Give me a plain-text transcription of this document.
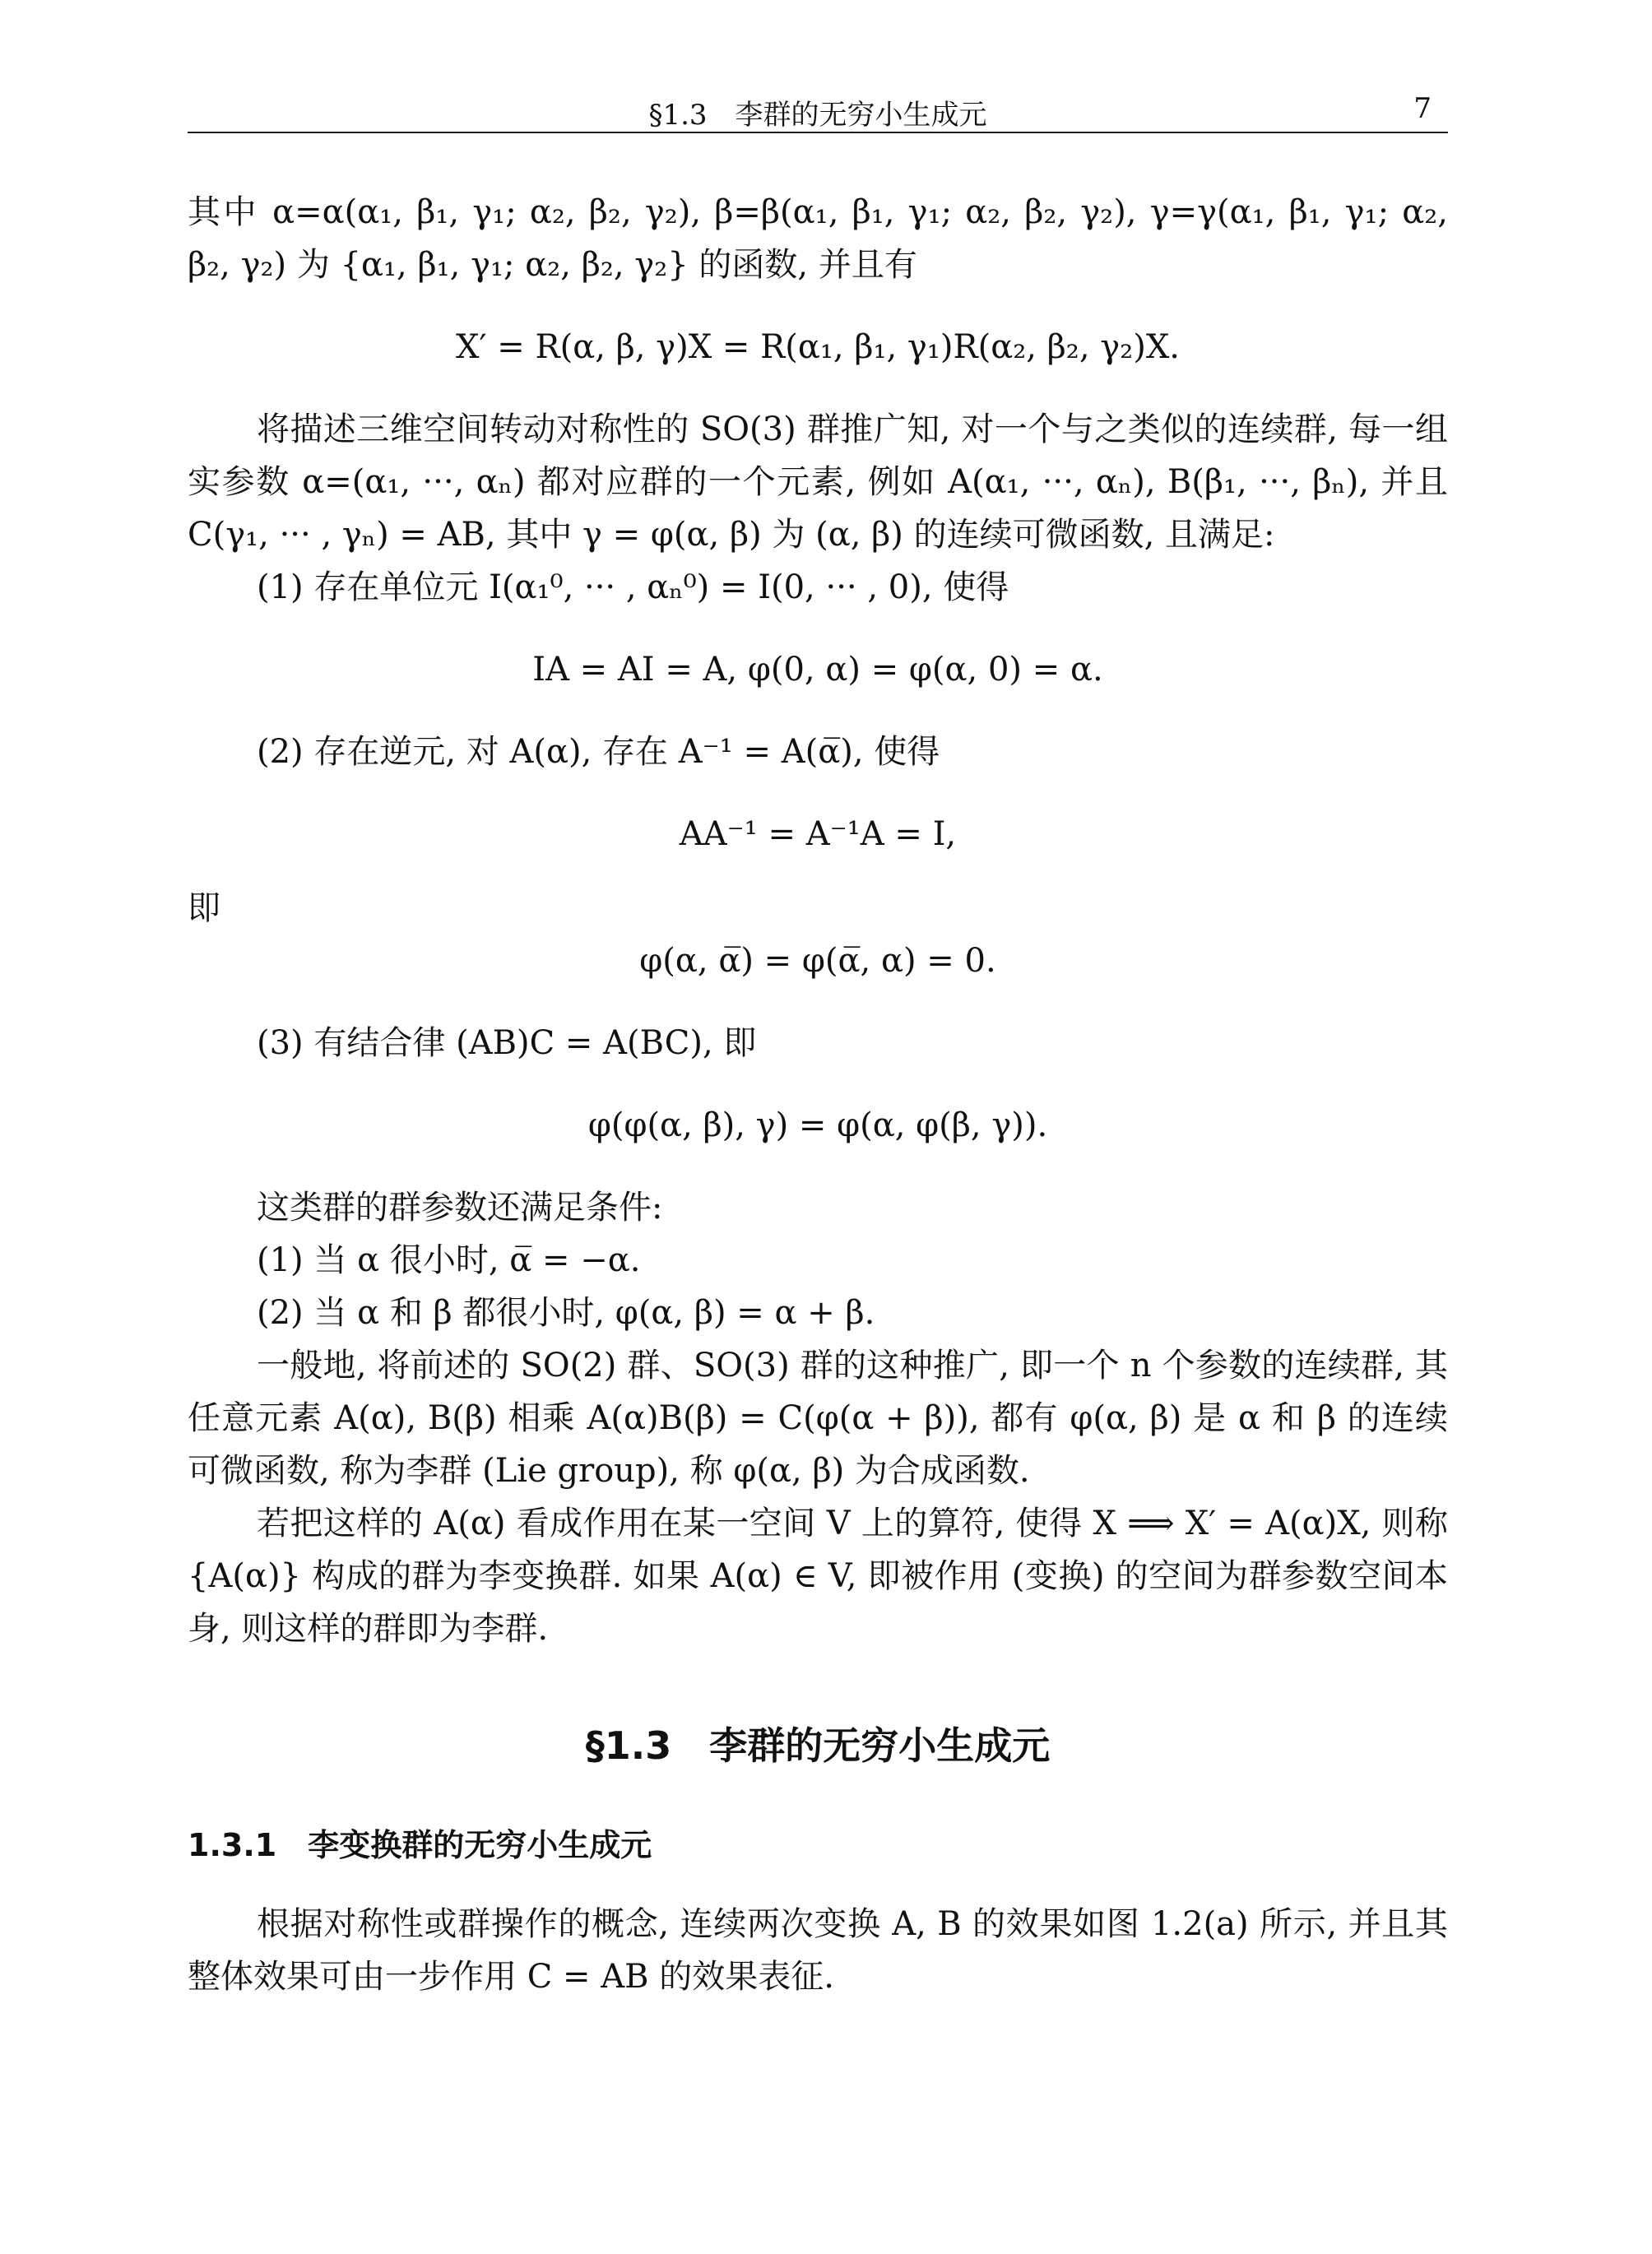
§1.3　李群的无穷小生成元	7

其中 α=α(α₁, β₁, γ₁; α₂, β₂, γ₂), β=β(α₁, β₁, γ₁; α₂, β₂, γ₂), γ=γ(α₁, β₁, γ₁; α₂, β₂, γ₂) 为 {α₁, β₁, γ₁; α₂, β₂, γ₂} 的函数, 并且有

X′ = R(α, β, γ)X = R(α₁, β₁, γ₁)R(α₂, β₂, γ₂)X.

将描述三维空间转动对称性的 SO(3) 群推广知, 对一个与之类似的连续群, 每一组实参数 α=(α₁, ···, αₙ) 都对应群的一个元素, 例如 A(α₁, ···, αₙ), B(β₁, ···, βₙ), 并且 C(γ₁, ··· , γₙ) = AB, 其中 γ = φ(α, β) 为 (α, β) 的连续可微函数, 且满足:

(1) 存在单位元 I(α₁⁰, ··· , αₙ⁰) = I(0, ··· , 0), 使得
IA = AI = A, φ(0, α) = φ(α, 0) = α.
(2) 存在逆元, 对 A(α), 存在 A⁻¹ = A(α̅), 使得
AA⁻¹ = A⁻¹A = I,

即

φ(α, α̅) = φ(α̅, α) = 0.
(3) 有结合律 (AB)C = A(BC), 即
φ(φ(α, β), γ) = φ(α, φ(β, γ)).
这类群的群参数还满足条件:
(1) 当 α 很小时, α̅ = −α.
(2) 当 α 和 β 都很小时, φ(α, β) = α + β.

一般地, 将前述的 SO(2) 群、SO(3) 群的这种推广, 即一个 n 个参数的连续群, 其任意元素 A(α), B(β) 相乘 A(α)B(β) = C(φ(α + β)), 都有 φ(α, β) 是 α 和 β 的连续可微函数, 称为李群 (Lie group), 称 φ(α, β) 为合成函数.

若把这样的 A(α) 看成作用在某一空间 V 上的算符, 使得 X ⟹ X′ = A(α)X, 则称 {A(α)} 构成的群为李变换群. 如果 A(α) ∈ V, 即被作用 (变换) 的空间为群参数空间本身, 则这样的群即为李群.

§1.3　李群的无穷小生成元
1.3.1　李变换群的无穷小生成元

根据对称性或群操作的概念, 连续两次变换 A, B 的效果如图 1.2(a) 所示, 并且其整体效果可由一步作用 C = AB 的效果表征.
